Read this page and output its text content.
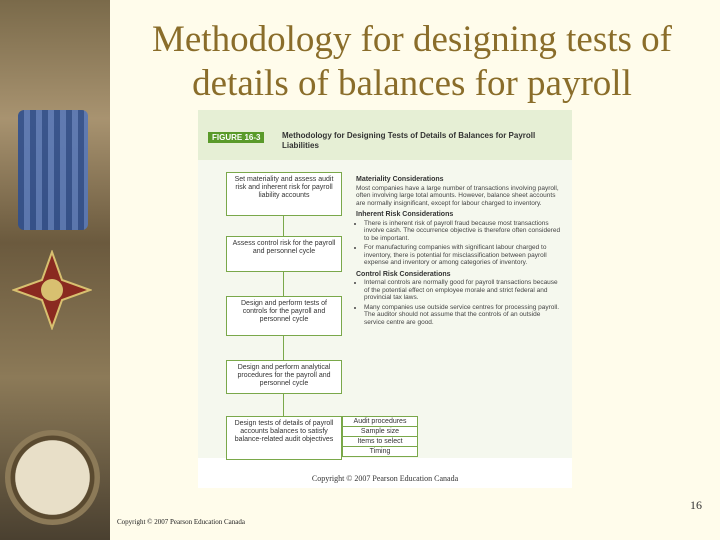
Methodology for designing tests of
details of balances for payroll
FIGURE 16-3	Methodology for Designing Tests of Details of Balances for Payroll Liabilities
Set materiality and assess audit risk and inherent risk for payroll liability accounts
Assess control risk for the payroll and personnel cycle
Design and perform tests of controls for the payroll and personnel cycle
Design and perform analytical procedures for the payroll and personnel cycle
Design tests of details of payroll accounts balances to satisfy balance-related audit objectives
Materiality Considerations

Most companies have a large number of transactions involving payroll, often involving large total amounts. However, balance sheet accounts are normally insignificant, except for labour charged to inventory.

Inherent Risk Considerations
• There is inherent risk of payroll fraud because most transactions involve cash. The occurrence objective is therefore often considered to be important.
• For manufacturing companies with significant labour charged to inventory, there is potential for misclassification between payroll expense and inventory or among categories of inventory.
Control Risk Considerations
• Internal controls are normally good for payroll transactions because of the potential effect on employee morale and strict federal and provincial tax laws.
• Many companies use outside service centres for processing payroll. The auditor should not assume that the controls of an outside service centre are good.
Audit procedures
Sample size
Items to select
Timing
Copyright © 2007 Pearson Education Canada
16
Copyright © 2007 Pearson Education Canada
